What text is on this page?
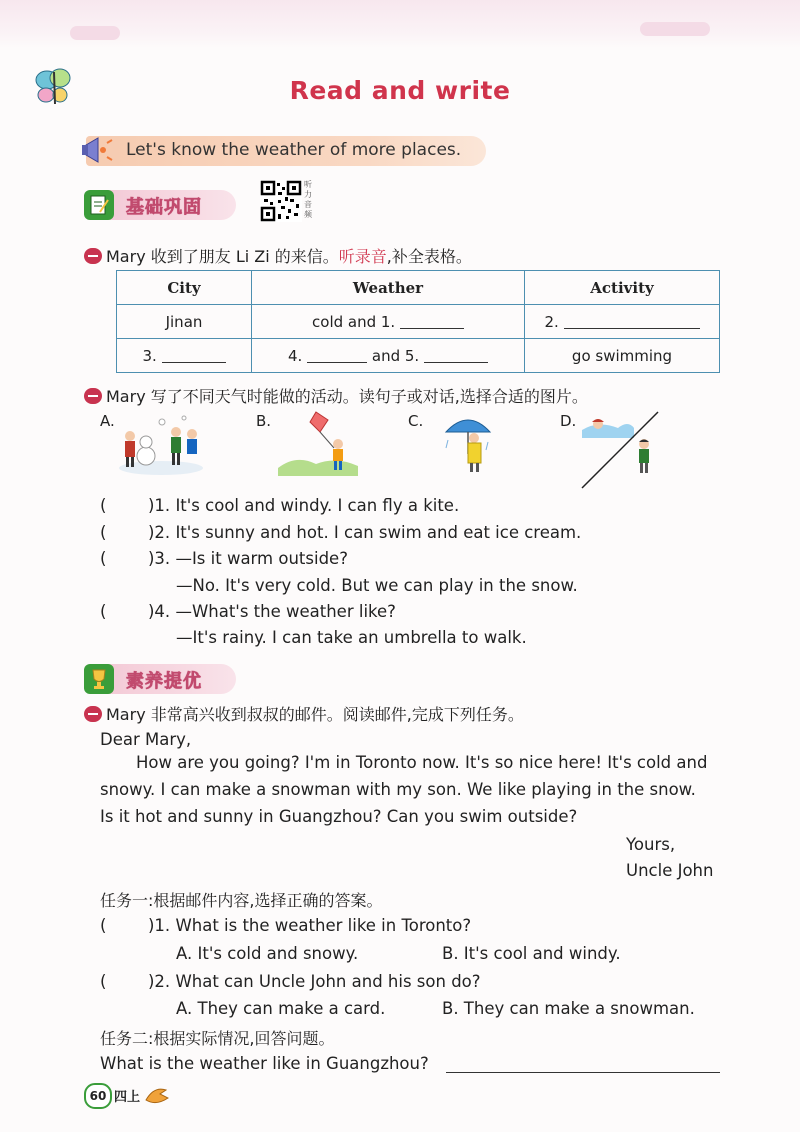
Read and write
Let's know the weather of more places.
基础巩固
听力音频
Mary 收到了朋友 Li Zi 的来信。听录音,补全表格。
City	Weather	Activity
Jinan	cold and 1.	2.
3.	4. and 5.	go swimming
Mary 写了不同天气时能做的活动。读句子或对话,选择合适的图片。
A.	B.	C.	D.
(	)1. It's cool and windy. I can fly a kite.
(	)2. It's sunny and hot. I can swim and eat ice cream.
(	)3. —Is it warm outside?
—No. It's very cold. But we can play in the snow.
(	)4. —What's the weather like?
—It's rainy. I can take an umbrella to walk.
素养提优
Mary 非常高兴收到叔叔的邮件。阅读邮件,完成下列任务。
Dear Mary,
How are you going? I'm in Toronto now. It's so nice here! It's cold and
snowy. I can make a snowman with my son. We like playing in the snow.
Is it hot and sunny in Guangzhou? Can you swim outside?
Yours,
Uncle John
任务一:根据邮件内容,选择正确的答案。
(	)1. What is the weather like in Toronto?
A. It's cold and snowy.	B. It's cool and windy.
(	)2. What can Uncle John and his son do?
A. They can make a card.	B. They can make a snowman.
任务二:根据实际情况,回答问题。
What is the weather like in Guangzhou?
60 四上
